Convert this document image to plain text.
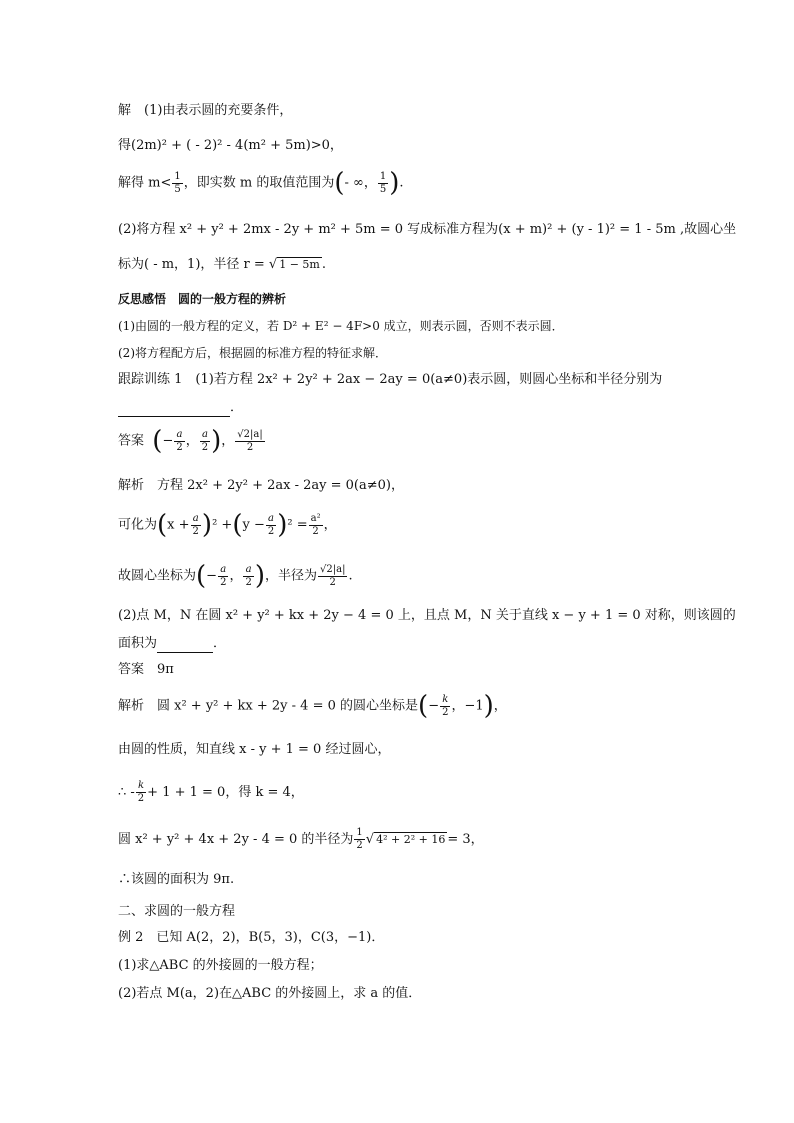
解　(1)由表示圆的充要条件，
得(2m)² + ( - 2)² - 4(m² + 5m)>0，
解得 $m< \frac{1}{5}$ ，即实数 m 的取值范围为(- ∞， $\frac{1}{5}$ ).
(2)将方程 x² + y² + 2mx - 2y + m² + 5m = 0 写成标准方程为(x + m)² + (y - 1)² = 1 - 5m ,故圆心坐
标为( - m，1)，半径 r = √ 1 − 5m .
反思感悟　圆的一般方程的辨析
(1)由圆的一般方程的定义，若 D² + E² − 4F>0 成立，则表示圆，否则不表示圆．
(2)将方程配方后，根据圆的标准方程的特征求解．
跟踪训练 1　(1)若方程 2x² + 2y² + 2ax − 2ay = 0(a≠0)表示圆，则圆心坐标和半径分别为
．
答案 (− $\frac{a}{2}$ ， $\frac{a}{2}$ )， $\frac{√2|a|}{2}$
解析　方程 2x² + 2y² + 2ax - 2ay = 0(a≠0)，
可化为$(x + \frac{a}{2} )^2 +(y - \frac{a}{2} )^2 = \frac{\text{a²}}{2}$ ，
故圆心坐标为(− $\frac{a}{2}$ ， $\frac{a}{2}$ )，半径为 $\frac{√2|a|}{2}$ .
(2)点 M，N 在圆 x² + y² + kx + 2y − 4 = 0 上，且点 M，N 关于直线 x − y + 1 = 0 对称，则该圆的
面积为	．
答案　9π
解析　圆 x² + y² + kx + 2y - 4 = 0 的圆心坐标是(− $\frac{k}{2}$ ，−1)，
由圆的性质，知直线 x - y + 1 = 0 经过圆心，
∴ - $\frac{k}{2} + 1 + 1 = 0$，得 k = 4，
圆 x² + y² + 4x + 2y - 4 = 0 的半径为 $\frac{1}{2}$ √ 4² + 2² + 16 = 3，
∴该圆的面积为 9π.
二、求圆的一般方程
例 2　已知 A(2，2)，B(5，3)，C(3，−1)．
(1)求△ABC 的外接圆的一般方程；
(2)若点 M(a，2)在△ABC 的外接圆上，求 a 的值．
